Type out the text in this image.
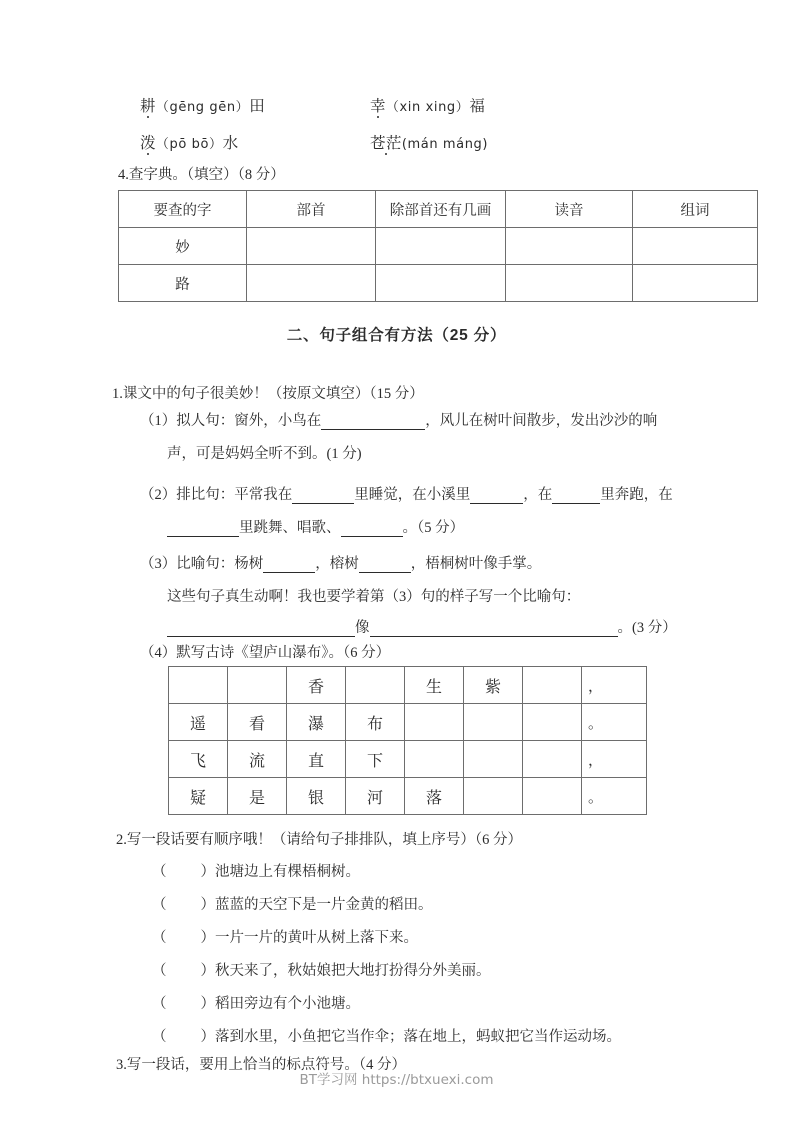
耕（gēng gēn）田	幸（xin xing）福
泼（pō bō）水	苍茫(mán máng)
4.查字典。（填空）（8 分）
要查的字	部首	除部首还有几画	读音	组词
妙				
路				
二、句子组合有方法（25 分）
1.课文中的句子很美妙！（按原文填空）（15 分）
（1）拟人句：窗外，小鸟在	，风儿在树叶间散步，发出沙沙的响
声，可是妈妈全听不到。(1 分)
（2）排比句：平常我在	里睡觉，在小溪里	，在	里奔跑，在
里跳舞、唱歌、	。（5 分）
（3）比喻句：杨树	，榕树	，梧桐树叶像手掌。
这些句子真生动啊！我也要学着第（3）句的样子写一个比喻句：
像	。(3 分）
（4）默写古诗《望庐山瀑布》。（6 分）
		香		生	紫		，
遥	看	瀑	布				。
飞	流	直	下				，
疑	是	银	河	落			。
2.写一段话要有顺序哦！（请给句子排排队，填上序号）（6 分）
（ ）池塘边上有棵梧桐树。
（ ）蓝蓝的天空下是一片金黄的稻田。
（ ）一片一片的黄叶从树上落下来。
（ ）秋天来了，秋姑娘把大地打扮得分外美丽。
（ ）稻田旁边有个小池塘。
（ ）落到水里，小鱼把它当作伞；落在地上，蚂蚁把它当作运动场。
3.写一段话，要用上恰当的标点符号。（4 分）
BT学习网 https://btxuexi.com
